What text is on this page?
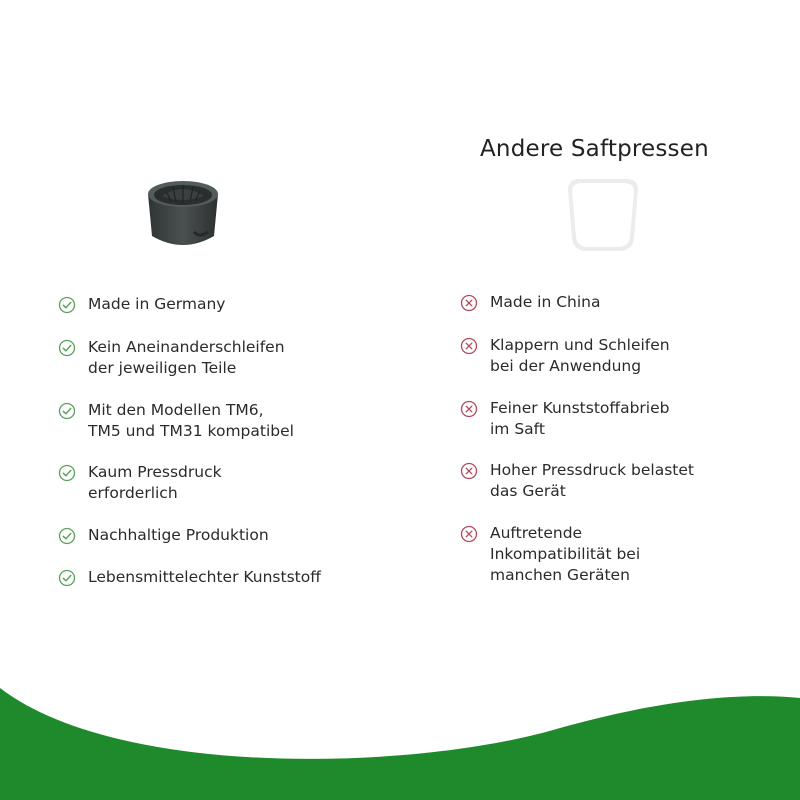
Andere Saftpressen
Made in Germany
Kein Aneinanderschleifen
der jeweiligen Teile
Mit den Modellen TM6,
TM5 und TM31 kompatibel
Kaum Pressdruck
erforderlich
Nachhaltige Produktion
Lebensmittelechter Kunststoff
Made in China
Klappern und Schleifen
bei der Anwendung
Feiner Kunststoffabrieb
im Saft
Hoher Pressdruck belastet
das Gerät
Auftretende
Inkompatibilität bei
manchen Geräten
